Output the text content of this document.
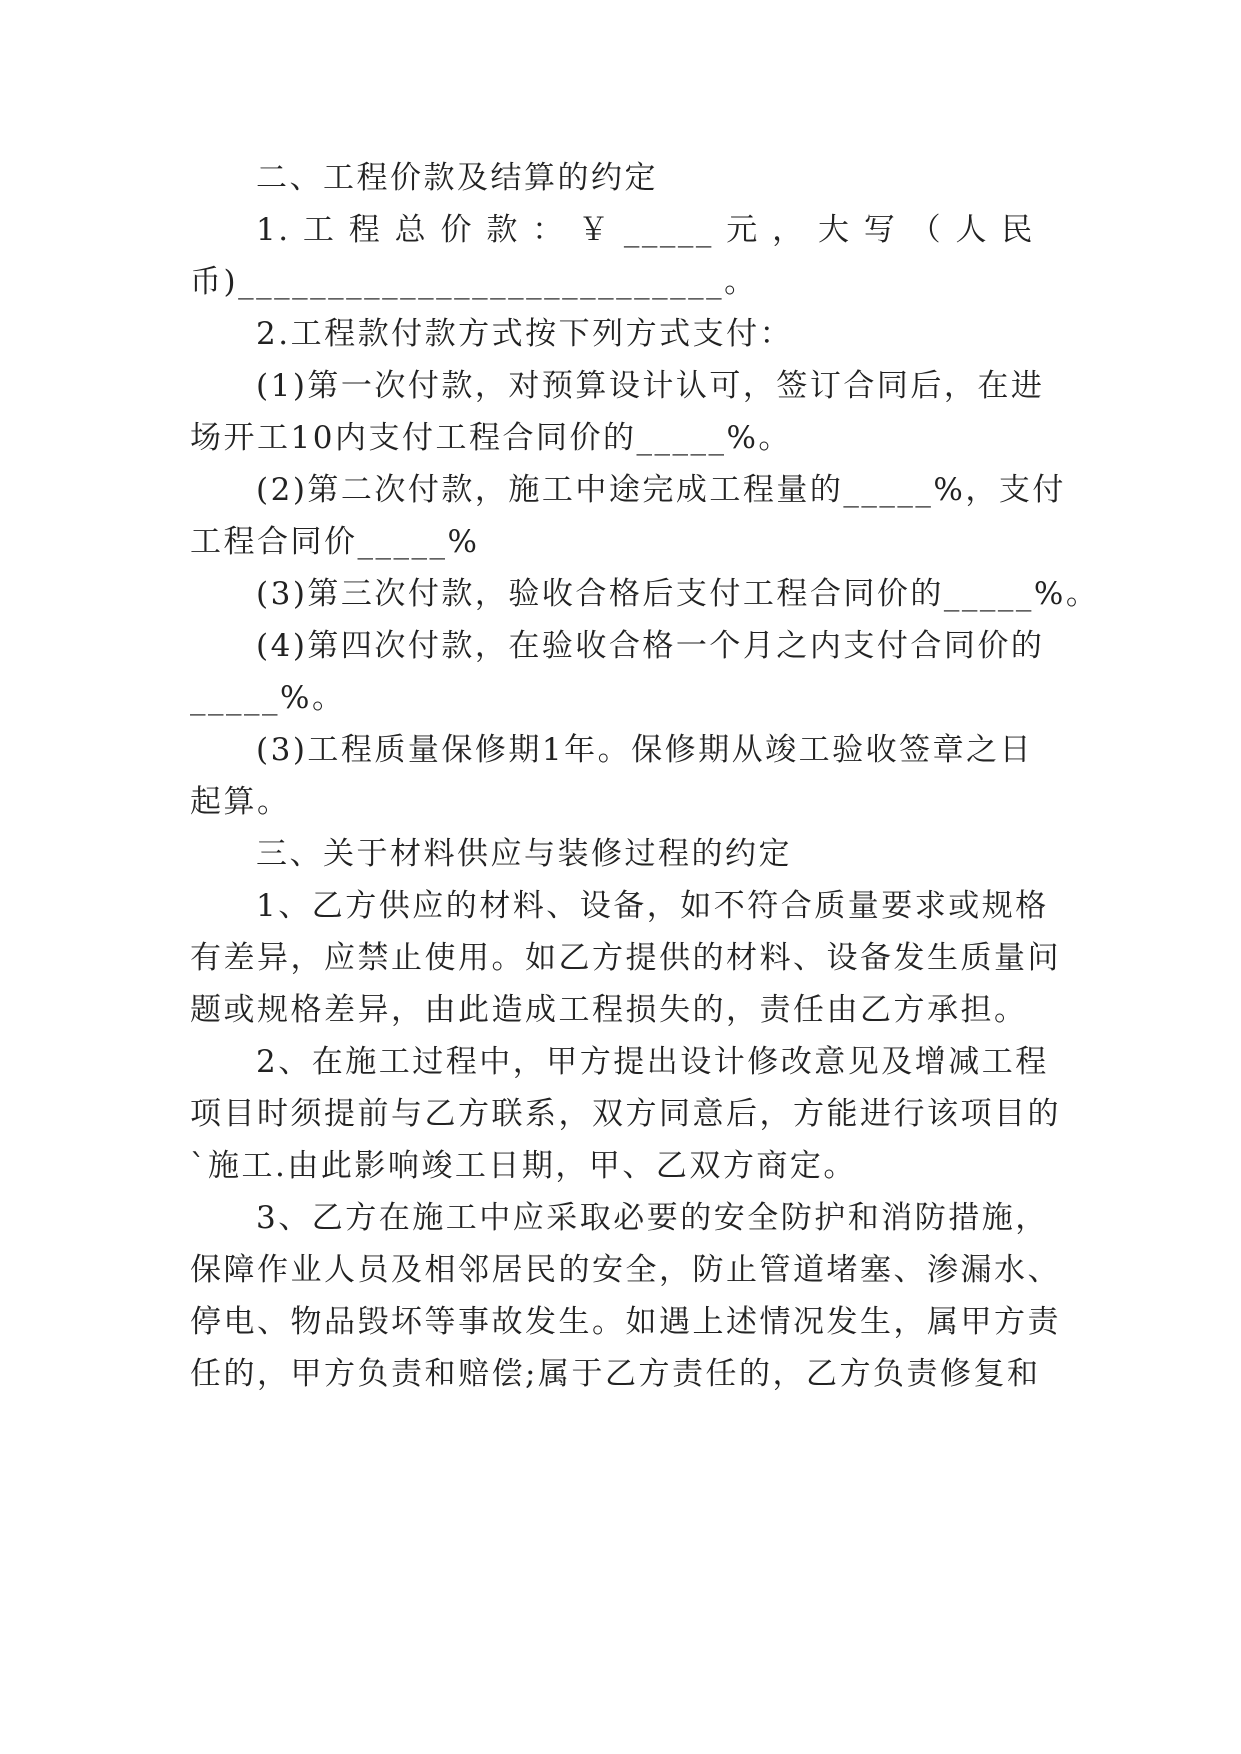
二、工程价款及结算的约定
1. 工 程 总 价 款 ： ￥ _____ 元 ， 大 写 （ 人 民
币)___________________________。
2.工程款付款方式按下列方式支付：
(1)第一次付款，对预算设计认可，签订合同后，在进
场开工10内支付工程合同价的_____%。
(2)第二次付款，施工中途完成工程量的_____%，支付
工程合同价_____%
(3)第三次付款，验收合格后支付工程合同价的_____%。
(4)第四次付款，在验收合格一个月之内支付合同价的
_____%。
(3)工程质量保修期1年。保修期从竣工验收签章之日
起算。
三、关于材料供应与装修过程的约定
1、乙方供应的材料、设备，如不符合质量要求或规格
有差异，应禁止使用。如乙方提供的材料、设备发生质量问
题或规格差异，由此造成工程损失的，责任由乙方承担。
2、在施工过程中，甲方提出设计修改意见及增减工程
项目时须提前与乙方联系，双方同意后，方能进行该项目的
`施工.由此影响竣工日期，甲、乙双方商定。
3、乙方在施工中应采取必要的安全防护和消防措施，
保障作业人员及相邻居民的安全，防止管道堵塞、渗漏水、
停电、物品毁坏等事故发生。如遇上述情况发生，属甲方责
任的，甲方负责和赔偿;属于乙方责任的，乙方负责修复和
